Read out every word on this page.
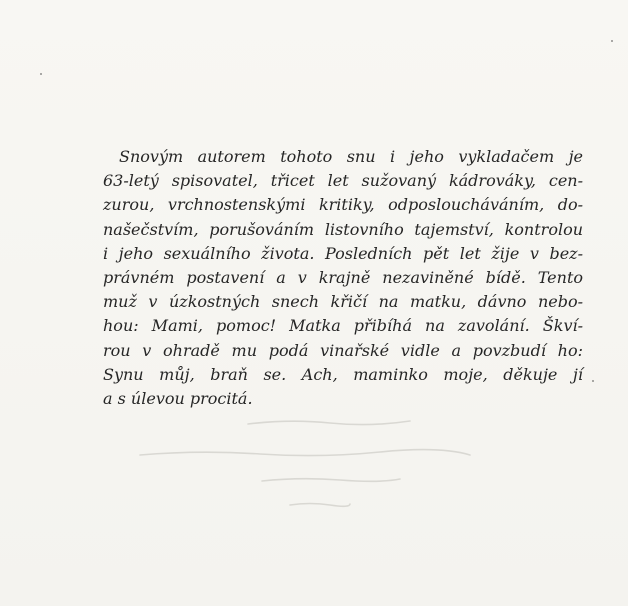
Snovým autorem tohoto snu i jeho vykladačem je
63-letý spisovatel, třicet let sužovaný kádrováky, cen-
zurou, vrchnostenskými kritiky, odposloucháváním, do-
našečstvím, porušováním listovního tajemství, kontrolou
i jeho sexuálního života. Posledních pět let žije v bez-
právném postavení a v krajně nezaviněné bídě. Tento
muž v úzkostných snech křičí na matku, dávno nebo-
hou: Mami, pomoc! Matka přibíhá na zavolání. Škví-
rou v ohradě mu podá vinařské vidle a povzbudí ho:
Synu můj, braň se. Ach, maminko moje, děkuje jí
a s úlevou procitá.
